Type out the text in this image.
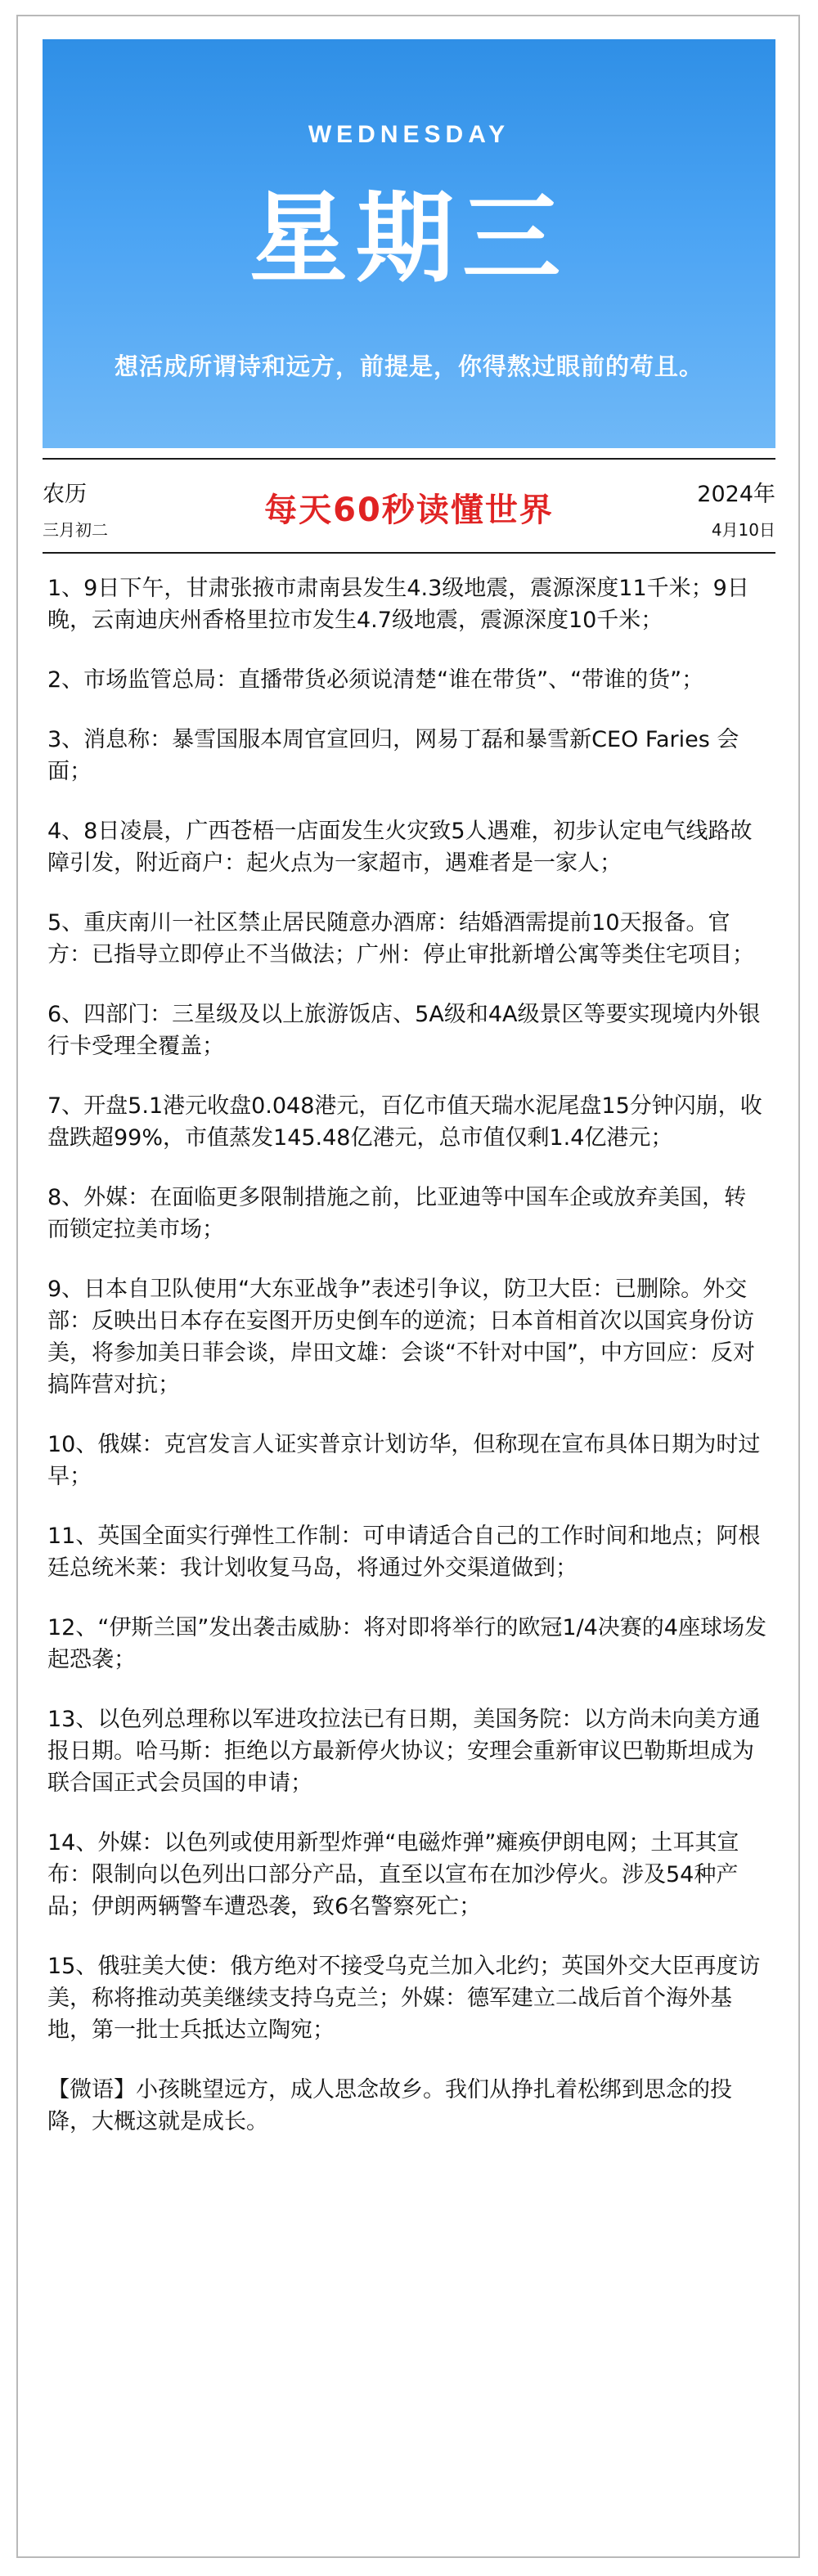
WEDNESDAY
星期三
想活成所谓诗和远方，前提是，你得熬过眼前的苟且。
农历
三月初二
每天60秒读懂世界	2024年
4月10日

1、9日下午，甘肃张掖市肃南县发生4.3级地震，震源深度11千米；9日晚，云南迪庆州香格里拉市发生4.7级地震，震源深度10千米；

2、市场监管总局：直播带货必须说清楚“谁在带货”、“带谁的货”；

3、消息称：暴雪国服本周官宣回归，网易丁磊和暴雪新CEO Faries 会面；

4、8日凌晨，广西苍梧一店面发生火灾致5人遇难，初步认定电气线路故障引发，附近商户：起火点为一家超市，遇难者是一家人；

5、重庆南川一社区禁止居民随意办酒席：结婚酒需提前10天报备。官方：已指导立即停止不当做法；广州：停止审批新增公寓等类住宅项目；

6、四部门：三星级及以上旅游饭店、5A级和4A级景区等要实现境内外银行卡受理全覆盖；

7、开盘5.1港元收盘0.048港元，百亿市值天瑞水泥尾盘15分钟闪崩，收盘跌超99%，市值蒸发145.48亿港元，总市值仅剩1.4亿港元；

8、外媒：在面临更多限制措施之前，比亚迪等中国车企或放弃美国，转而锁定拉美市场；

9、日本自卫队使用“大东亚战争”表述引争议，防卫大臣：已删除。外交部：反映出日本存在妄图开历史倒车的逆流；日本首相首次以国宾身份访美，将参加美日菲会谈，岸田文雄：会谈“不针对中国”，中方回应：反对搞阵营对抗；

10、俄媒：克宫发言人证实普京计划访华，但称现在宣布具体日期为时过早；

11、英国全面实行弹性工作制：可申请适合自己的工作时间和地点；阿根廷总统米莱：我计划收复马岛，将通过外交渠道做到；

12、“伊斯兰国”发出袭击威胁：将对即将举行的欧冠1/4决赛的4座球场发起恐袭；

13、以色列总理称以军进攻拉法已有日期，美国务院：以方尚未向美方通报日期。哈马斯：拒绝以方最新停火协议；安理会重新审议巴勒斯坦成为联合国正式会员国的申请；

14、外媒：以色列或使用新型炸弹“电磁炸弹”瘫痪伊朗电网；土耳其宣布：限制向以色列出口部分产品，直至以宣布在加沙停火。涉及54种产品；伊朗两辆警车遭恐袭，致6名警察死亡；

15、俄驻美大使：俄方绝对不接受乌克兰加入北约；英国外交大臣再度访美，称将推动英美继续支持乌克兰；外媒：德军建立二战后首个海外基地，第一批士兵抵达立陶宛；

【微语】小孩眺望远方，成人思念故乡。我们从挣扎着松绑到思念的投降，大概这就是成长。
